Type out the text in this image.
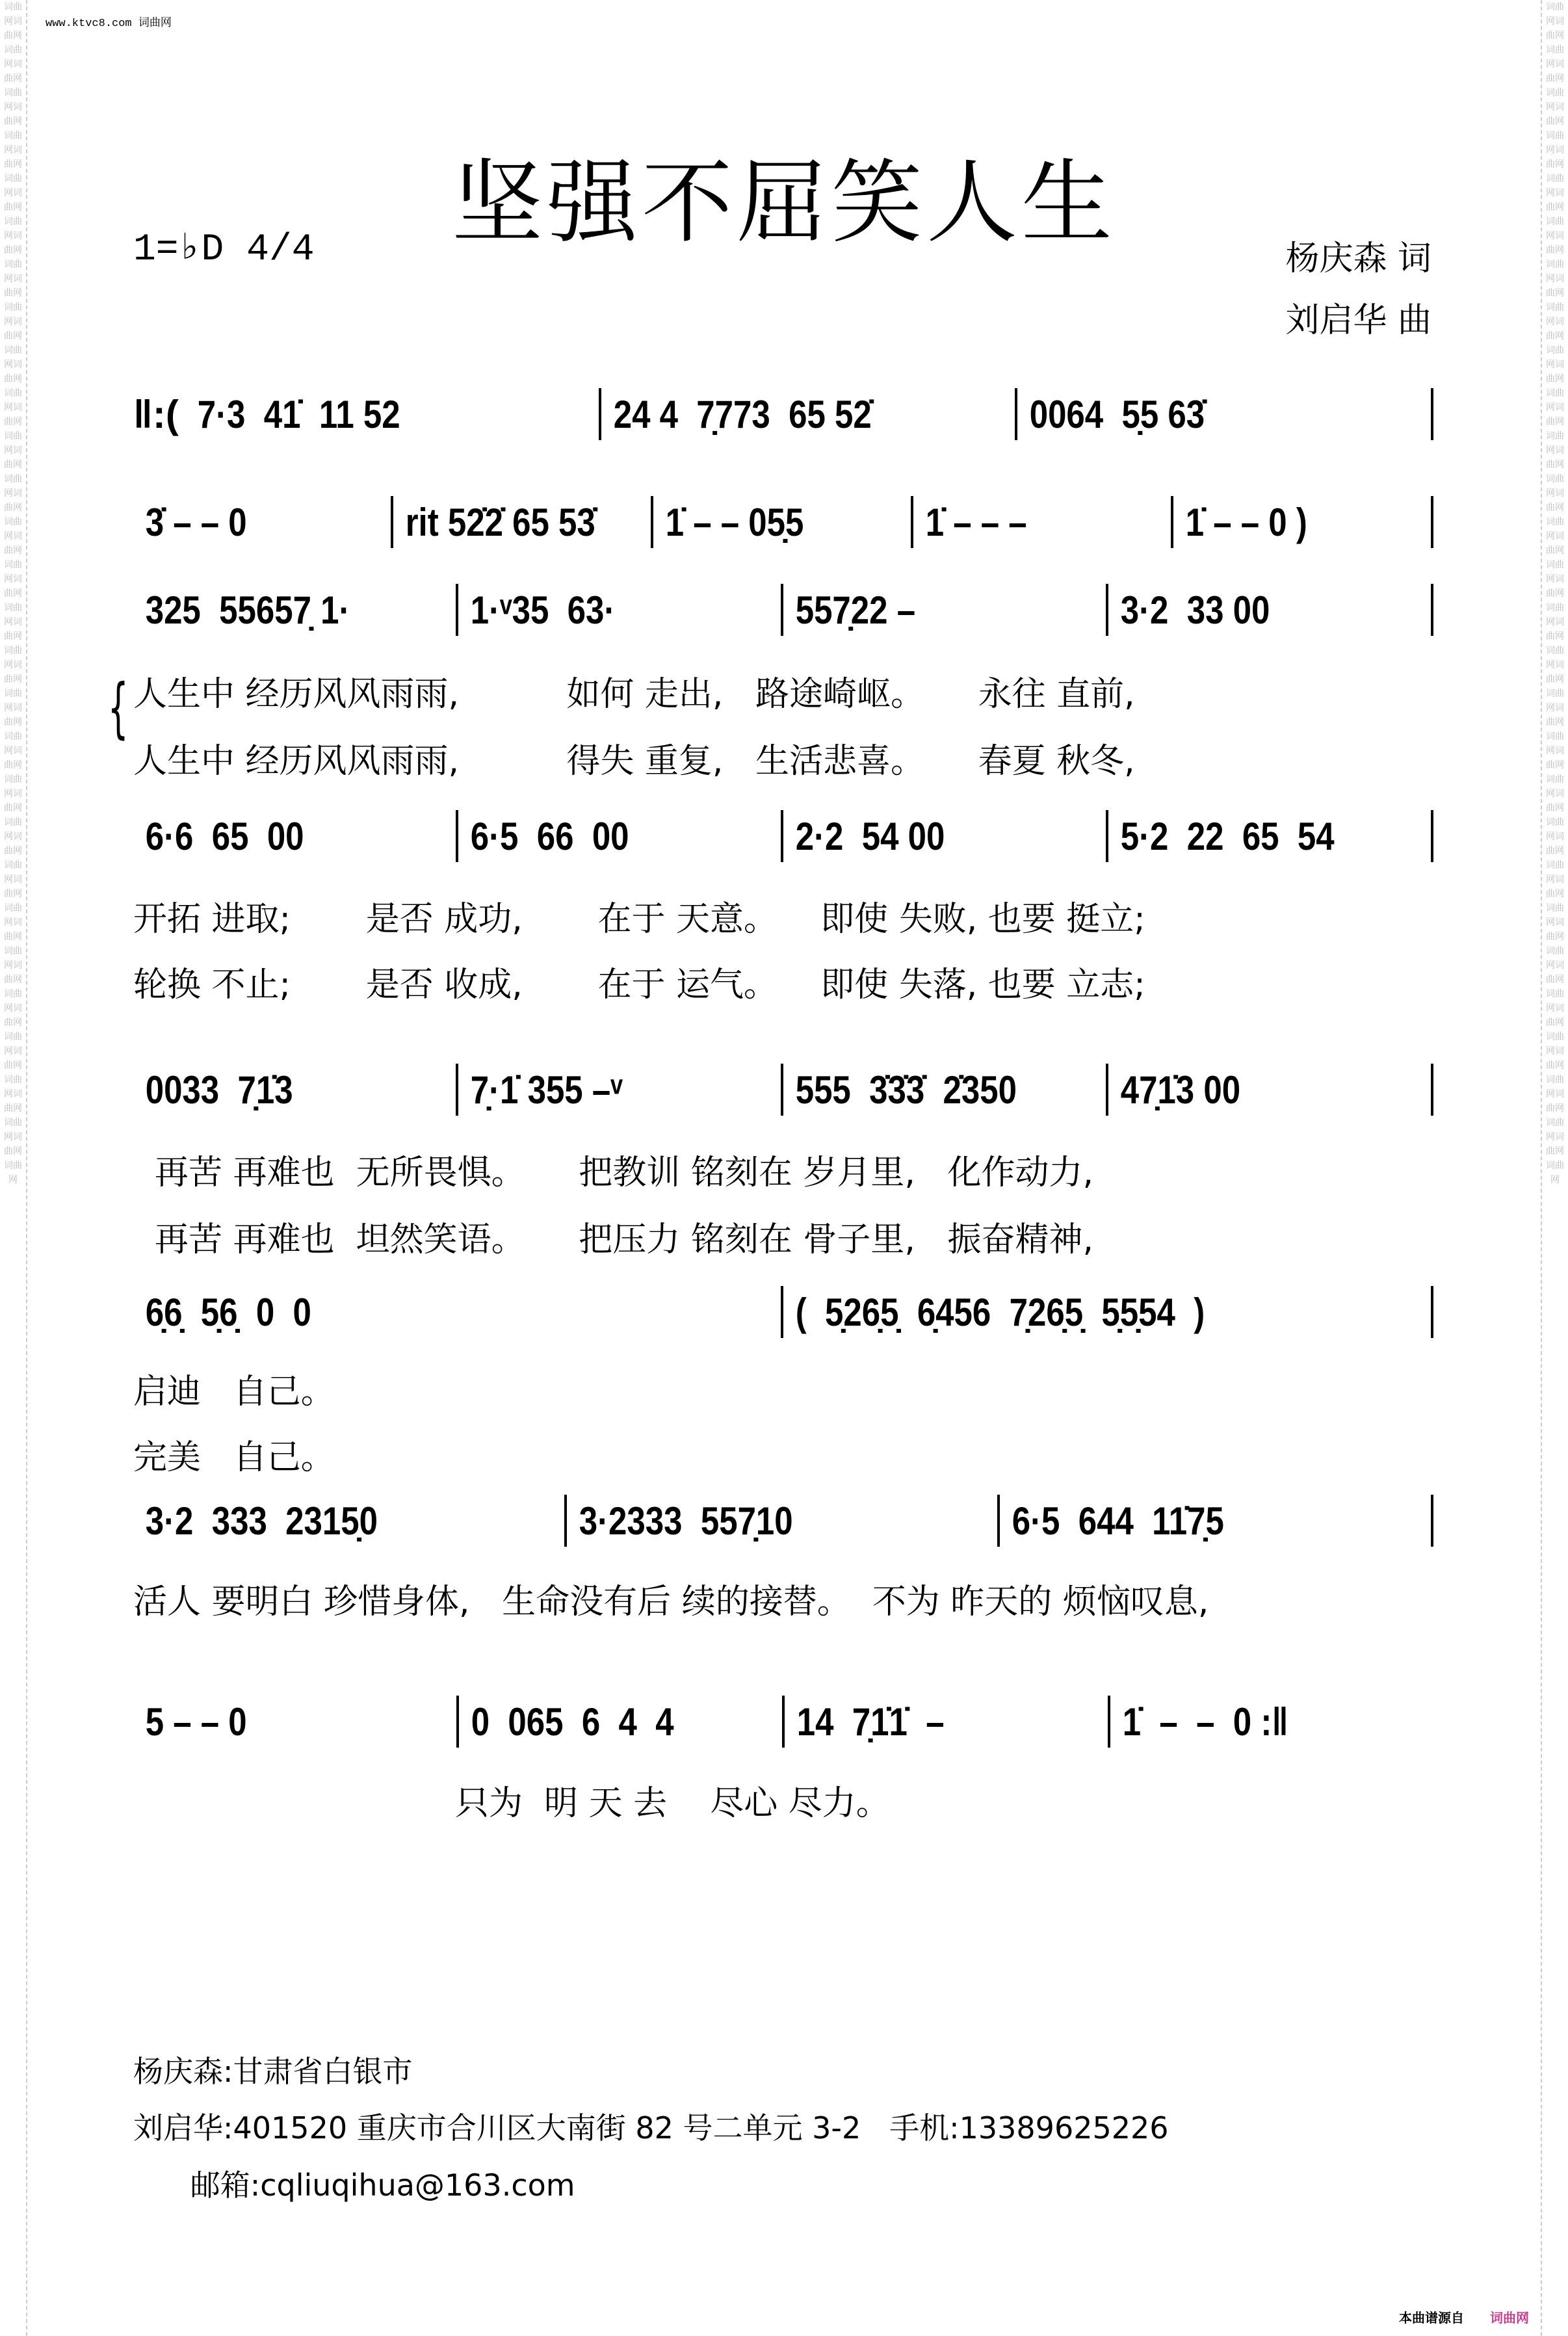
词曲网词曲网词曲网词曲网词曲网词曲网词曲网词曲网词曲网词曲网词曲网词曲网词曲网词曲网词曲网词曲网词曲网词曲网词曲网词曲网词曲网词曲网词曲网词曲网词曲网词曲网词曲网词曲网词曲网词曲网词曲网词曲网词曲网词曲网词曲网词曲网词曲网词曲网词曲网词曲网词曲网词曲网词曲网词曲网词曲网词曲网词曲网词曲网词曲网词曲网词曲网词曲网词曲网词曲网词曲网
词曲网词曲网词曲网词曲网词曲网词曲网词曲网词曲网词曲网词曲网词曲网词曲网词曲网词曲网词曲网词曲网词曲网词曲网词曲网词曲网词曲网词曲网词曲网词曲网词曲网词曲网词曲网词曲网词曲网词曲网词曲网词曲网词曲网词曲网词曲网词曲网词曲网词曲网词曲网词曲网词曲网词曲网词曲网词曲网词曲网词曲网词曲网词曲网词曲网词曲网词曲网词曲网词曲网词曲网词曲网
www.ktvc8.com 词曲网
坚强不屈笑人生
1=♭D 4/4	杨庆森 词
刘启华 曲
‖:( 7·3  41̇  11 52	24 4  7̣773  65 52̇	0064  5̣5 63̇
3̇ – – 0	rit 52̇2̇ 65 53̇	1̇ – – 05̣5	1̇ – – –	1̇ – – 0 )
325  55657̣ 1·	1·ᵛ35  63·	557̣22 –	3·2  33 00
6·6  65  00	6·5  66  00	2·2  54 00	5·2  22  65  54
0033  7̣1̇3	7̣·1̇ 355 –ᵛ	555  3̇3̇3̇  2̇350	47̣1̇3 00
6̣6̣  5̣6̣  0  0	(  5̣26̣5̣  6̣456  7̣26̣5̣  5̣5̣54  )
3·2  333  2315̣0	3·2333  557̣10	6·5  644  11̇7̣5
5 – – 0	0  065  6  4  4	14  7̣1̇1̇  –	1̇  –  –  0 :‖
{ 人生中 经历风风雨雨,          如何 走出,   路途崎岖。     永往 直前,
人生中 经历风风雨雨,          得失 重复,   生活悲喜。     春夏 秋冬,
开拓 进取;       是否 成功,       在于 天意。    即使 失败, 也要 挺立;
轮换 不止;       是否 收成,       在于 运气。    即使 失落, 也要 立志;
再苦 再难也  无所畏惧。     把教训 铭刻在 岁月里,   化作动力,
再苦 再难也  坦然笑语。     把压力 铭刻在 骨子里,   振奋精神,
启迪   自己。
完美   自己。
活人 要明白 珍惜身体,   生命没有后 续的接替。  不为 昨天的 烦恼叹息,
只为  明 天 去    尽心 尽力。
杨庆森:甘肃省白银市
刘启华:401520 重庆市合川区大南街 82 号二单元 3-2   手机:13389625226
邮箱:cqliuqihua@163.com
本曲谱源自 词曲网
